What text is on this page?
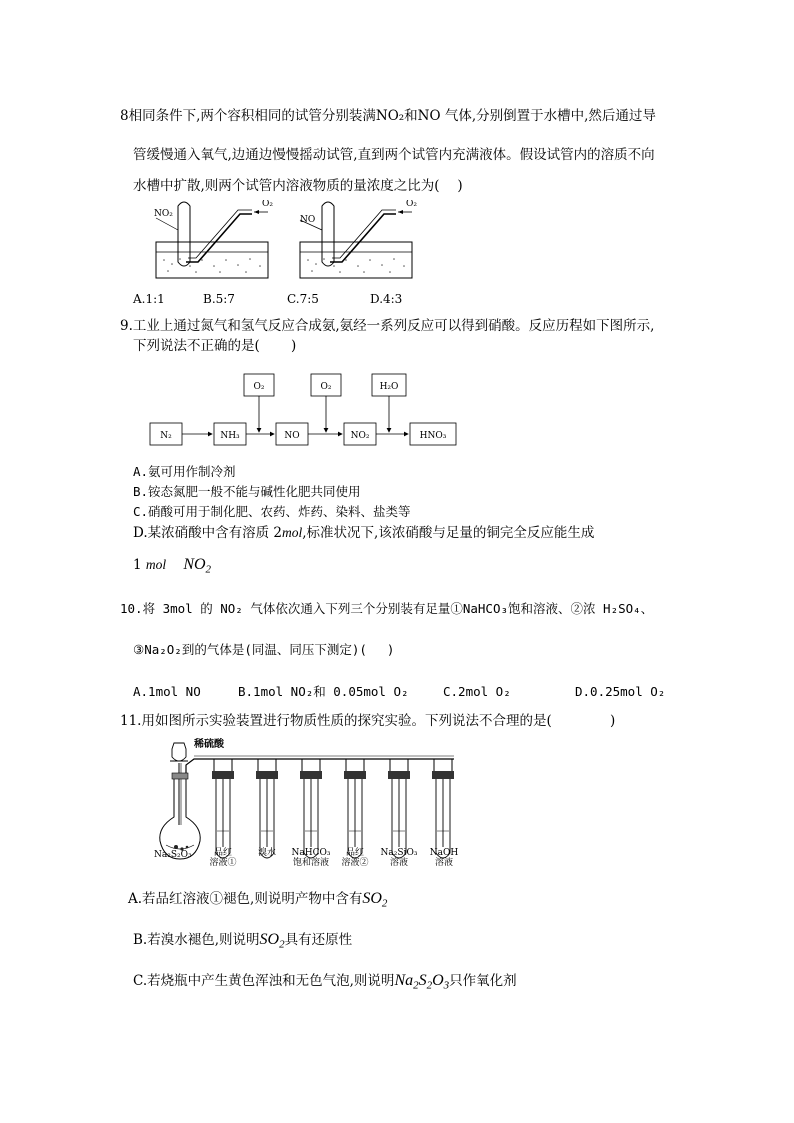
8相同条件下,两个容积相同的试管分别装满NO₂和NO 气体,分别倒置于水槽中,然后通过导
管缓慢通入氧气,边通边慢慢摇动试管,直到两个试管内充满液体。假设试管内的溶质不向
水槽中扩散,则两个试管内溶液物质的量浓度之比为(　 )
NO₂
O₂
NO
O₂
A.1:1	B.5:7	C.7:5	D.4:3
9.工业上通过氮气和氢气反应合成氨,氨经一系列反应可以得到硝酸。反应历程如下图所示,
下列说法不正确的是(　　 )
O₂	O₂	H₂O
N₂	NH₃	NO	NO₂	HNO₃
A.氨可用作制冷剂
B.铵态氮肥一般不能与碱性化肥共同使用
C.硝酸可用于制化肥、农药、炸药、染料、盐类等
D.某浓硝酸中含有溶质 2mol,标准状况下,该浓硝酸与足量的铜完全反应能生成
1 mol $NO_2$
10.将 3mol 的 NO₂ 气体依次通入下列三个分别装有足量①NaHCO₃饱和溶液、②浓 H₂SO₄、
③Na₂O₂到的气体是(同温、同压下测定)(　 )
A.1mol NO	B.1mol NO₂和 0.05mol O₂	C.2mol O₂	D.0.25mol O₂
11.用如图所示实验装置进行物质性质的探究实验。下列说法不合理的是(　　　　 )
稀硫酸
Na₂S₂O₃	品红
溶液①
溴水	NaHCO₃
饱和溶液
品红
溶液②
Na₂SiO₃
溶液
NaOH
溶液
A.若品红溶液①褪色,则说明产物中含有$SO_2$
B.若溴水褪色,则说明$SO_2$具有还原性
C.若烧瓶中产生黄色浑浊和无色气泡,则说明$Na_2S_2O_3$只作氧化剂
